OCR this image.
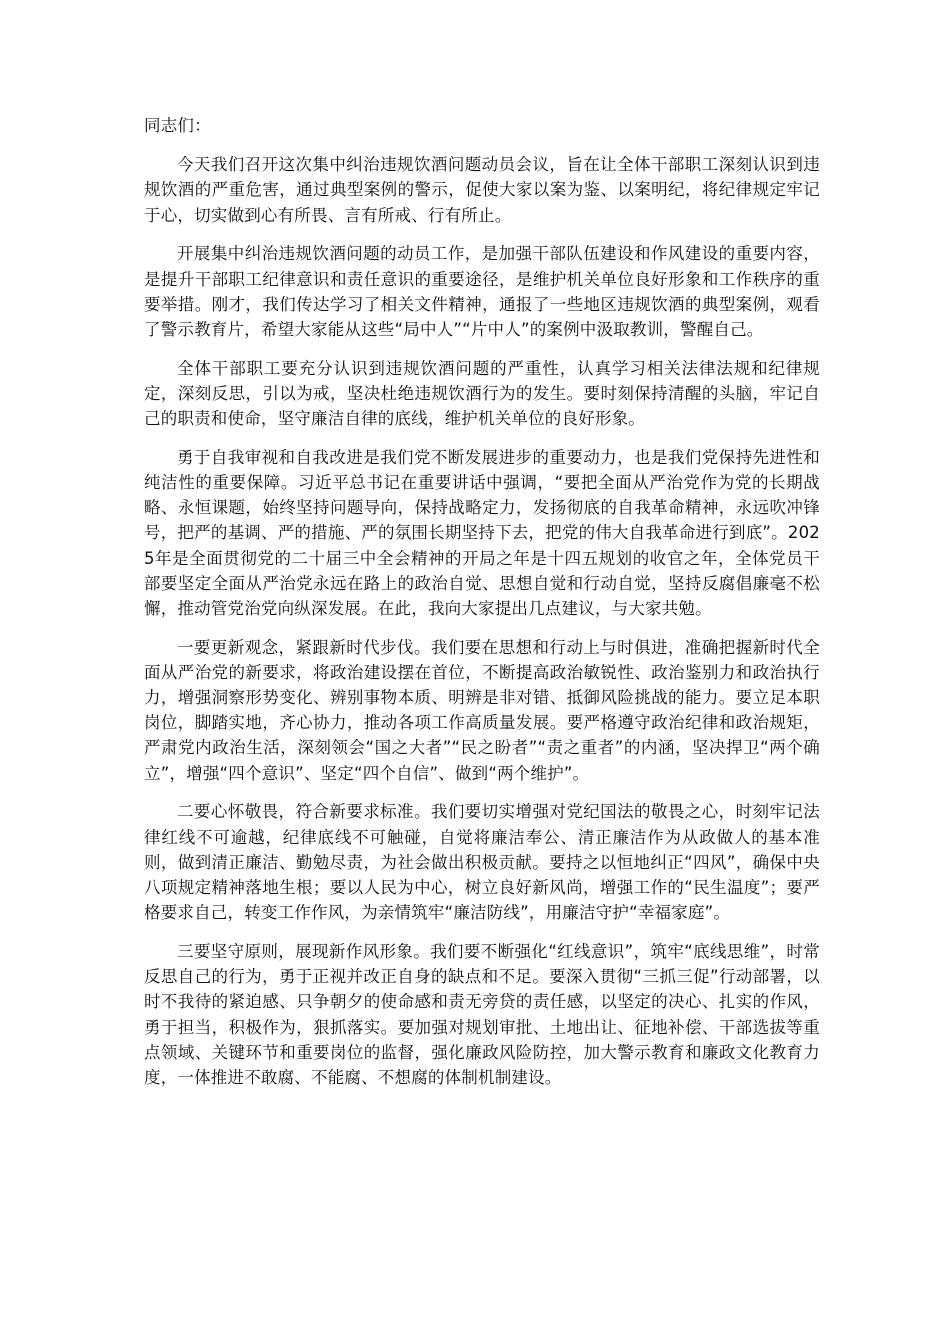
同志们：

今天我们召开这次集中纠治违规饮酒问题动员会议，旨在让全体干部职工深刻认识到违规饮酒的严重危害，通过典型案例的警示，促使大家以案为鉴、以案明纪，将纪律规定牢记于心，切实做到心有所畏、言有所戒、行有所止。

开展集中纠治违规饮酒问题的动员工作，是加强干部队伍建设和作风建设的重要内容，是提升干部职工纪律意识和责任意识的重要途径，是维护机关单位良好形象和工作秩序的重要举措。刚才，我们传达学习了相关文件精神，通报了一些地区违规饮酒的典型案例，观看了警示教育片，希望大家能从这些“局中人”“片中人”的案例中汲取教训，警醒自己。

全体干部职工要充分认识到违规饮酒问题的严重性，认真学习相关法律法规和纪律规定，深刻反思，引以为戒，坚决杜绝违规饮酒行为的发生。要时刻保持清醒的头脑，牢记自己的职责和使命，坚守廉洁自律的底线，维护机关单位的良好形象。

勇于自我审视和自我改进是我们党不断发展进步的重要动力，也是我们党保持先进性和纯洁性的重要保障。习近平总书记在重要讲话中强调，“要把全面从严治党作为党的长期战略、永恒课题，始终坚持问题导向，保持战略定力，发扬彻底的自我革命精神，永远吹冲锋号，把严的基调、严的措施、严的氛围长期坚持下去，把党的伟大自我革命进行到底”。2025年是全面贯彻党的二十届三中全会精神的开局之年是十四五规划的收官之年，全体党员干部要坚定全面从严治党永远在路上的政治自觉、思想自觉和行动自觉，坚持反腐倡廉毫不松懈，推动管党治党向纵深发展。在此，我向大家提出几点建议，与大家共勉。

一要更新观念，紧跟新时代步伐。我们要在思想和行动上与时俱进，准确把握新时代全面从严治党的新要求，将政治建设摆在首位，不断提高政治敏锐性、政治鉴别力和政治执行力，增强洞察形势变化、辨别事物本质、明辨是非对错、抵御风险挑战的能力。要立足本职岗位，脚踏实地，齐心协力，推动各项工作高质量发展。要严格遵守政治纪律和政治规矩，严肃党内政治生活，深刻领会“国之大者”“民之盼者”“责之重者”的内涵，坚决捍卫“两个确立”，增强“四个意识”、坚定“四个自信”、做到“两个维护”。

二要心怀敬畏，符合新要求标准。我们要切实增强对党纪国法的敬畏之心，时刻牢记法律红线不可逾越，纪律底线不可触碰，自觉将廉洁奉公、清正廉洁作为从政做人的基本准则，做到清正廉洁、勤勉尽责，为社会做出积极贡献。要持之以恒地纠正“四风”，确保中央八项规定精神落地生根；要以人民为中心，树立良好新风尚，增强工作的“民生温度”；要严格要求自己，转变工作作风，为亲情筑牢“廉洁防线”，用廉洁守护“幸福家庭”。

三要坚守原则，展现新作风形象。我们要不断强化“红线意识”，筑牢“底线思维”，时常反思自己的行为，勇于正视并改正自身的缺点和不足。要深入贯彻“三抓三促”行动部署，以时不我待的紧迫感、只争朝夕的使命感和责无旁贷的责任感，以坚定的决心、扎实的作风，勇于担当，积极作为，狠抓落实。要加强对规划审批、土地出让、征地补偿、干部选拔等重点领域、关键环节和重要岗位的监督，强化廉政风险防控，加大警示教育和廉政文化教育力度，一体推进不敢腐、不能腐、不想腐的体制机制建设。
